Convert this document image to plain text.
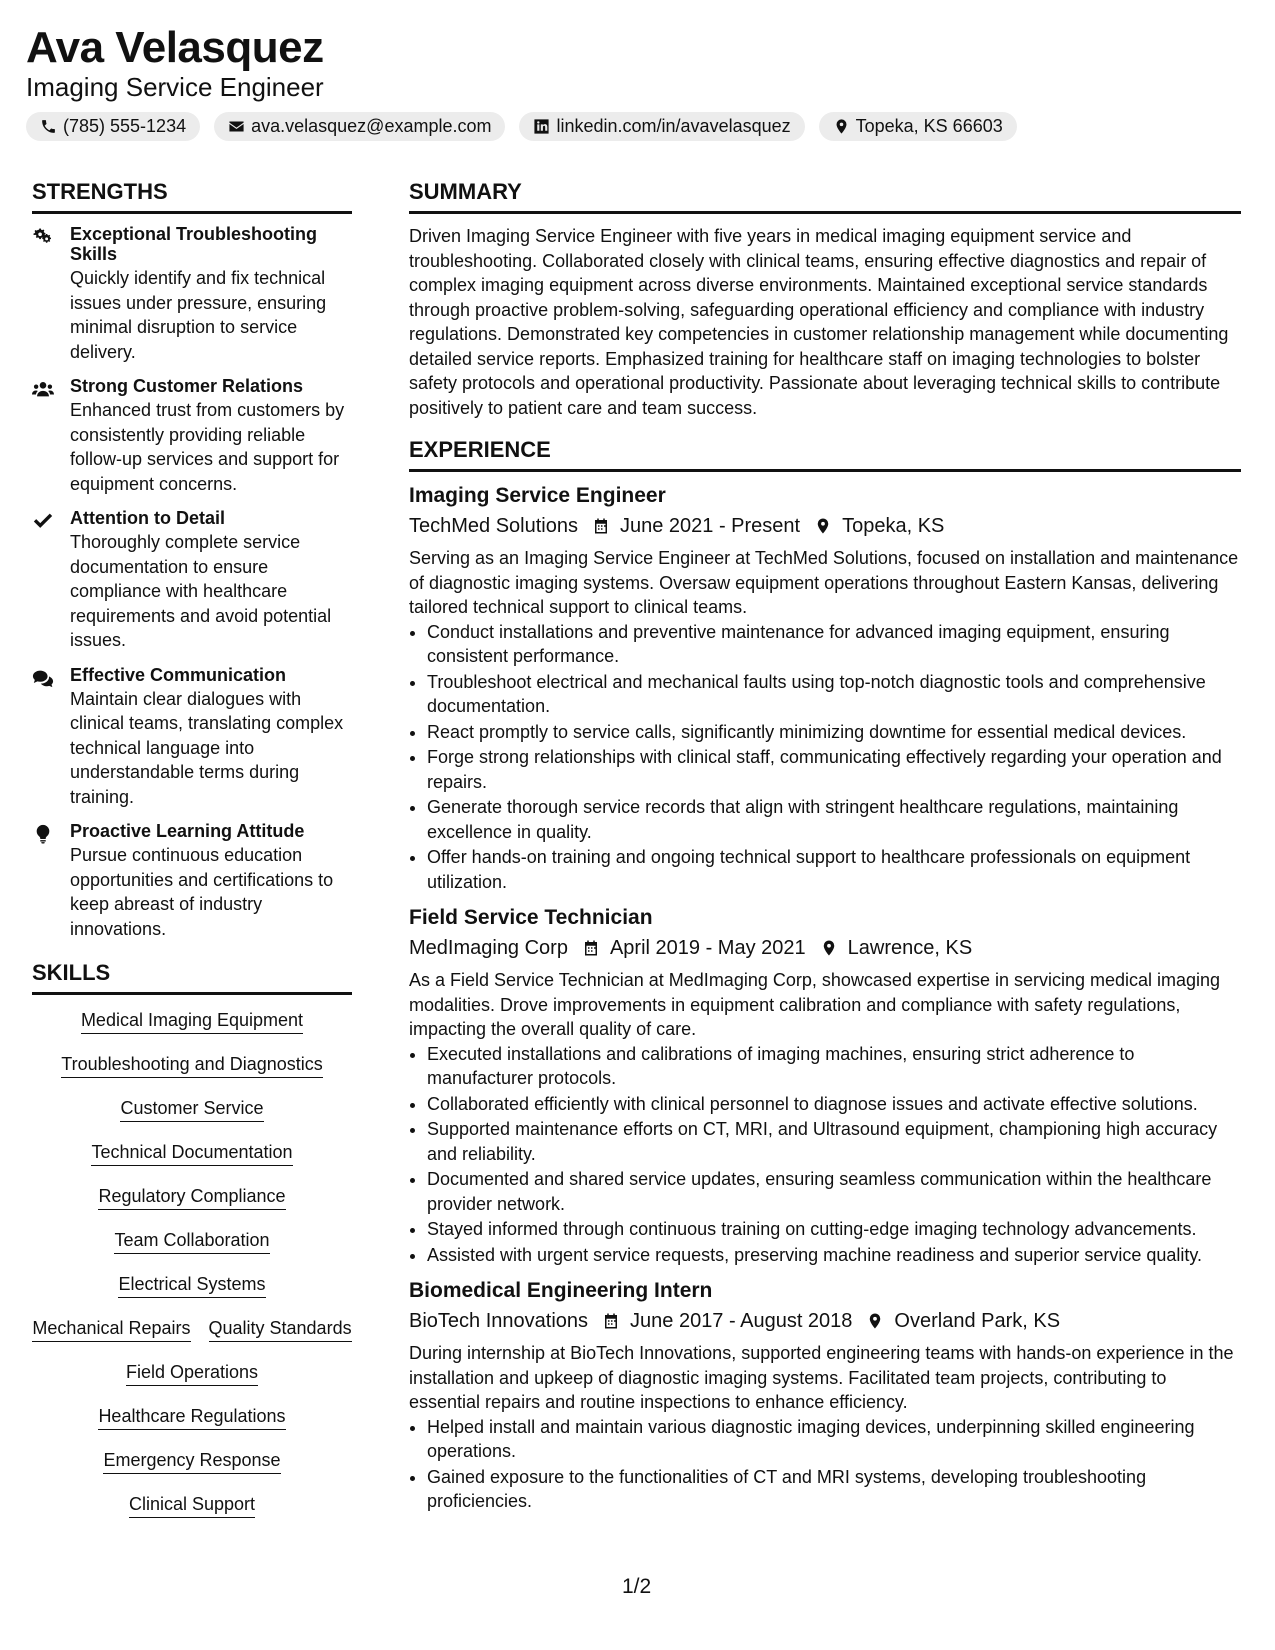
Ava Velasquez
Imaging Service Engineer
(785) 555-1234	ava.velasquez@example.com	linkedin.com/in/avavelasquez	Topeka, KS 66603
STRENGTHS
Exceptional Troubleshooting Skills
Quickly identify and fix technical issues under pressure, ensuring minimal disruption to service delivery.
Strong Customer Relations
Enhanced trust from customers by consistently providing reliable follow-up services and support for equipment concerns.
Attention to Detail
Thoroughly complete service documentation to ensure compliance with healthcare requirements and avoid potential issues.
Effective Communication
Maintain clear dialogues with clinical teams, translating complex technical language into understandable terms during training.
Proactive Learning Attitude
Pursue continuous education opportunities and certifications to keep abreast of industry innovations.
SKILLS
Medical Imaging Equipment
Troubleshooting and Diagnostics
Customer Service
Technical Documentation
Regulatory Compliance
Team Collaboration
Electrical Systems
Mechanical Repairs Quality Standards
Field Operations
Healthcare Regulations
Emergency Response
Clinical Support
SUMMARY
Driven Imaging Service Engineer with five years in medical imaging equipment service and troubleshooting. Collaborated closely with clinical teams, ensuring effective diagnostics and repair of complex imaging equipment across diverse environments. Maintained exceptional service standards through proactive problem-solving, safeguarding operational efficiency and compliance with industry regulations. Demonstrated key competencies in customer relationship management while documenting detailed service reports. Emphasized training for healthcare staff on imaging technologies to bolster safety protocols and operational productivity. Passionate about leveraging technical skills to contribute positively to patient care and team success.
EXPERIENCE
Imaging Service Engineer
TechMed Solutions June 2021 - Present Topeka, KS
Serving as an Imaging Service Engineer at TechMed Solutions, focused on installation and maintenance of diagnostic imaging systems. Oversaw equipment operations throughout Eastern Kansas, delivering tailored technical support to clinical teams.
• Conduct installations and preventive maintenance for advanced imaging equipment, ensuring consistent performance.
• Troubleshoot electrical and mechanical faults using top-notch diagnostic tools and comprehensive documentation.
• React promptly to service calls, significantly minimizing downtime for essential medical devices.
• Forge strong relationships with clinical staff, communicating effectively regarding your operation and repairs.
• Generate thorough service records that align with stringent healthcare regulations, maintaining excellence in quality.
• Offer hands-on training and ongoing technical support to healthcare professionals on equipment utilization.
Field Service Technician
MedImaging Corp April 2019 - May 2021 Lawrence, KS
As a Field Service Technician at MedImaging Corp, showcased expertise in servicing medical imaging modalities. Drove improvements in equipment calibration and compliance with safety regulations, impacting the overall quality of care.
• Executed installations and calibrations of imaging machines, ensuring strict adherence to manufacturer protocols.
• Collaborated efficiently with clinical personnel to diagnose issues and activate effective solutions.
• Supported maintenance efforts on CT, MRI, and Ultrasound equipment, championing high accuracy and reliability.
• Documented and shared service updates, ensuring seamless communication within the healthcare provider network.
• Stayed informed through continuous training on cutting-edge imaging technology advancements.
• Assisted with urgent service requests, preserving machine readiness and superior service quality.
Biomedical Engineering Intern
BioTech Innovations June 2017 - August 2018 Overland Park, KS
During internship at BioTech Innovations, supported engineering teams with hands-on experience in the installation and upkeep of diagnostic imaging systems. Facilitated team projects, contributing to essential repairs and routine inspections to enhance efficiency.
• Helped install and maintain various diagnostic imaging devices, underpinning skilled engineering operations.
• Gained exposure to the functionalities of CT and MRI systems, developing troubleshooting proficiencies.
1/2
